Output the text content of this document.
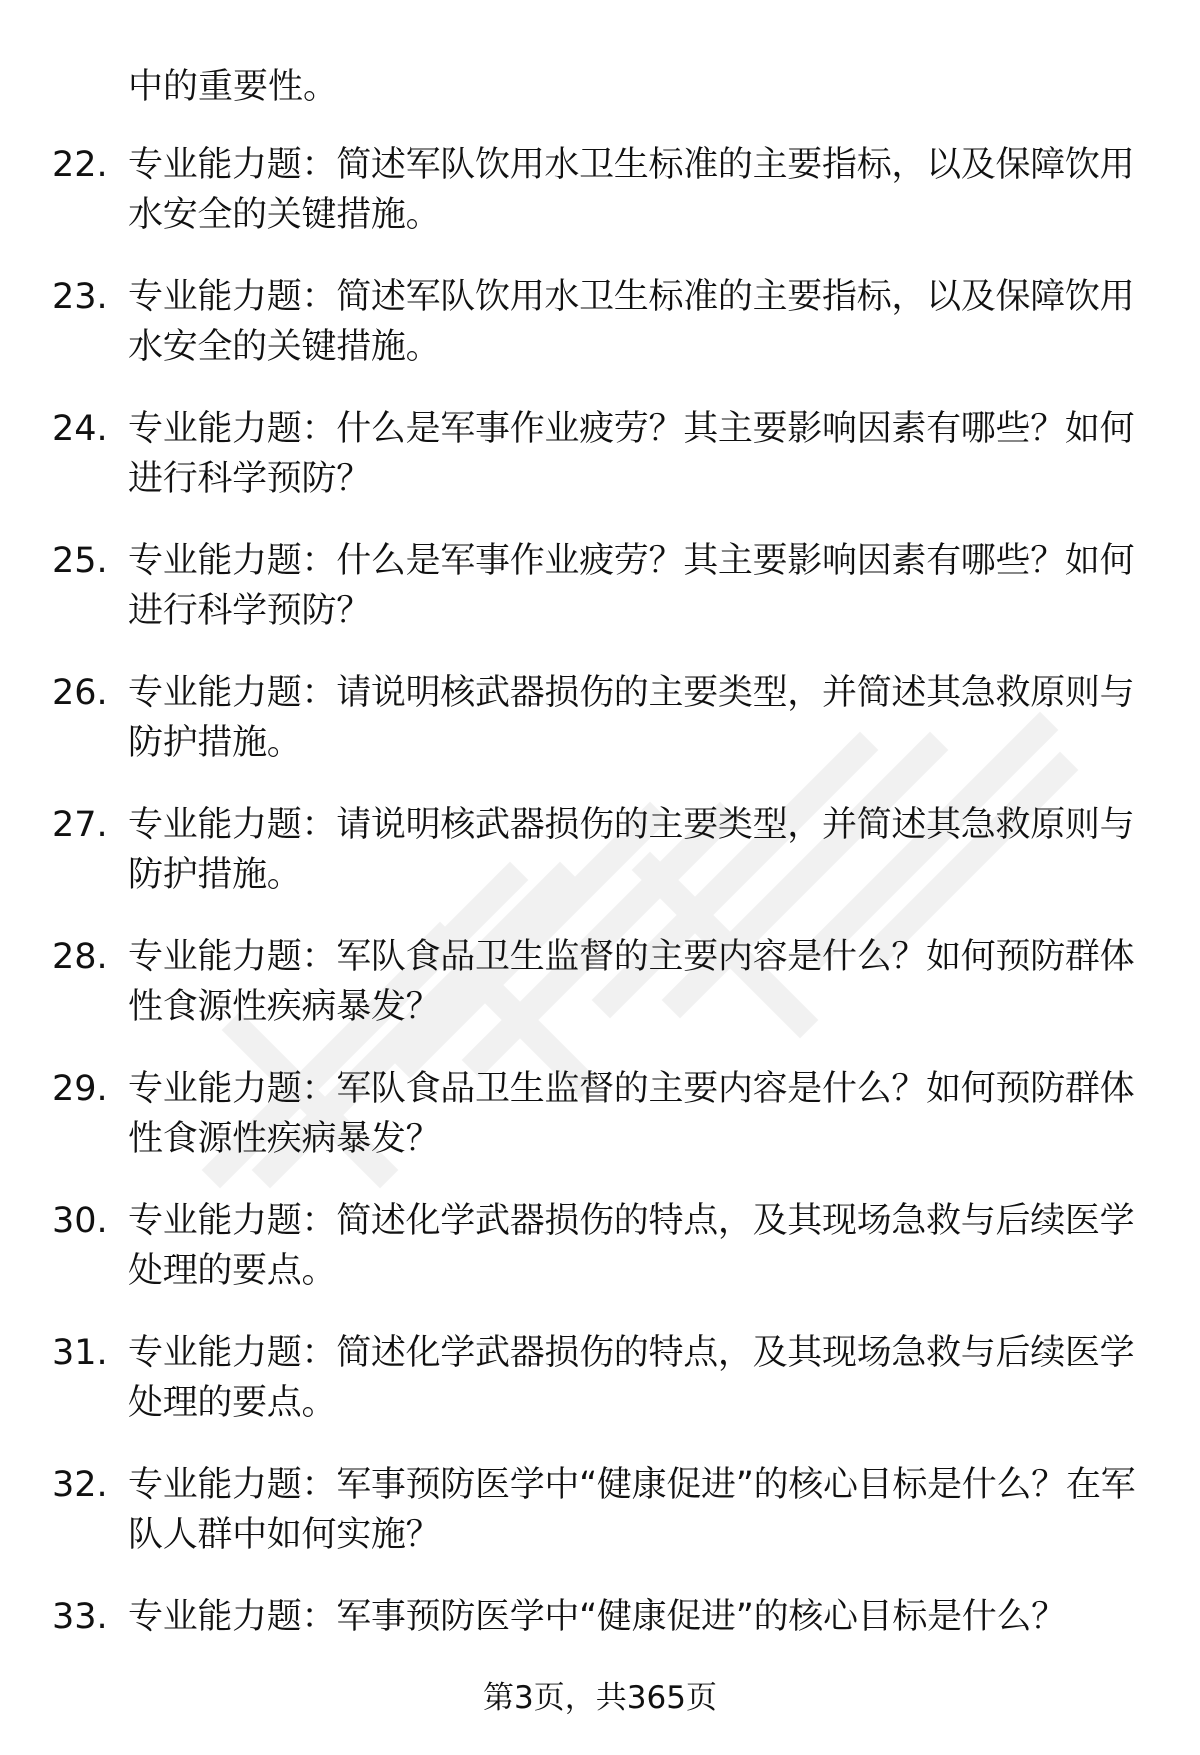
中的重要性。

22. 专业能力题：简述军队饮用水卫生标准的主要指标，以及保障饮用水安全的关键措施。
23. 专业能力题：简述军队饮用水卫生标准的主要指标，以及保障饮用水安全的关键措施。
24. 专业能力题：什么是军事作业疲劳？其主要影响因素有哪些？如何进行科学预防？
25. 专业能力题：什么是军事作业疲劳？其主要影响因素有哪些？如何进行科学预防？
26. 专业能力题：请说明核武器损伤的主要类型，并简述其急救原则与防护措施。
27. 专业能力题：请说明核武器损伤的主要类型，并简述其急救原则与防护措施。
28. 专业能力题：军队食品卫生监督的主要内容是什么？如何预防群体性食源性疾病暴发？
29. 专业能力题：军队食品卫生监督的主要内容是什么？如何预防群体性食源性疾病暴发？
30. 专业能力题：简述化学武器损伤的特点，及其现场急救与后续医学处理的要点。
31. 专业能力题：简述化学武器损伤的特点，及其现场急救与后续医学处理的要点。
32. 专业能力题：军事预防医学中“健康促进”的核心目标是什么？在军队人群中如何实施？
33. 专业能力题：军事预防医学中“健康促进”的核心目标是什么？
第3页，共365页
